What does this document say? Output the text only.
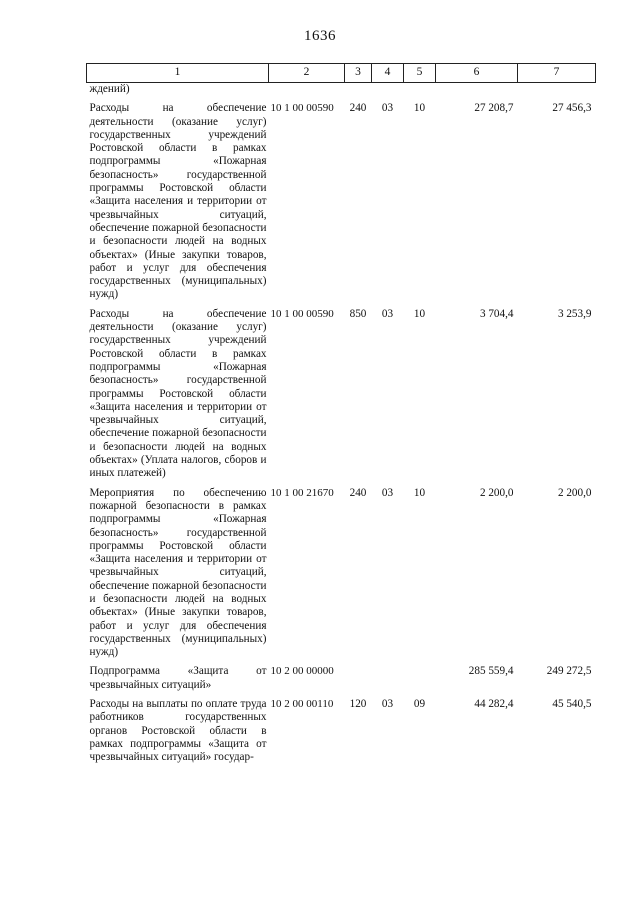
1636
1	2	3	4	5	6	7
ждений)						
Расходы на обеспечение деятельности (оказание услуг) государственных учреждений Ростовской области в рамках подпрограммы «Пожарная безопасность» государственной программы Ростовской области «Защита населения и территории от чрезвычайных ситуаций, обеспечение пожарной безопасности и безопасности людей на водных объектах» (Иные закупки товаров, работ и услуг для обеспечения государственных (муниципальных) нужд)	10 1 00 00590	240	03	10	27 208,7	27 456,3
Расходы на обеспечение деятельности (оказание услуг) государственных учреждений Ростовской области в рамках подпрограммы «Пожарная безопасность» государственной программы Ростовской области «Защита населения и территории от чрезвычайных ситуаций, обеспечение пожарной безопасности и безопасности людей на водных объектах» (Уплата налогов, сборов и иных платежей)	10 1 00 00590	850	03	10	3 704,4	3 253,9
Мероприятия по обеспечению пожарной безопасности в рамках подпрограммы «Пожарная безопасность» государственной программы Ростовской области «Защита населения и территории от чрезвычайных ситуаций, обеспечение пожарной безопасности и безопасности людей на водных объектах» (Иные закупки товаров, работ и услуг для обеспечения государственных (муниципальных) нужд)	10 1 00 21670	240	03	10	2 200,0	2 200,0
Подпрограмма «Защита от чрезвычайных ситуаций»	10 2 00 00000				285 559,4	249 272,5
Расходы на выплаты по оплате труда работников государственных органов Ростовской области в рамках подпрограммы «Защита от чрезвычайных ситуаций» государ-	10 2 00 00110	120	03	09	44 282,4	45 540,5
